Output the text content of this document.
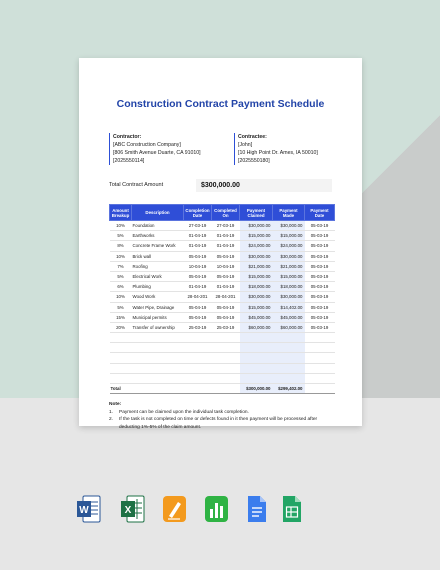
Construction Contract Payment Schedule
Contractor:
[ABC Construction Company]
[806 Smith Avenue Duarte, CA 91010]
[2025550114]
Contractee:
[John]
[10 High Point Dr. Ames, IA 50010]
[2025550180]
Total Contract Amount	$300,000.00
Amount Breakup	Description	Completion Date	Completed On	Payment Claimed	Payment Made	Payment Date
10%	Foundation	27-03-19	27-03-19	$30,000.00	$30,000.00	05-03-19
5%	Earthworks	01-04-19	01-04-19	$15,000.00	$15,000.00	05-03-19
8%	Concrete Frame Work	01-04-19	01-04-19	$24,000.00	$24,000.00	05-03-19
10%	Brick wall	05-04-19	05-04-19	$30,000.00	$30,000.00	05-03-19
7%	Roofing	10-04-19	10-04-19	$21,000.00	$21,000.00	05-03-19
5%	Electrical Work	05-04-19	05-04-19	$15,000.00	$15,000.00	05-03-19
6%	Plumbing	01-04-19	01-04-19	$18,000.00	$18,000.00	05-03-19
10%	Wood Work	28-04-201	28-04-201	$30,000.00	$30,000.00	05-03-19
5%	Water Pipe, Drainage	05-04-19	05-04-19	$15,000.00	$14,402.00	05-03-19
15%	Municipal permits	05-04-19	05-04-19	$45,000.00	$45,000.00	05-03-19
20%	Transfer of ownership	25-03-19	25-03-19	$60,000.00	$60,000.00	05-03-19

Total				$300,000.00	$299,402.00	
Note:
1. Payment can be claimed upon the individual task completion.
2. If the task is not completed on time or defects found in it then payment will be processed after deducting 1%-5% of the claim amount.
W	X
